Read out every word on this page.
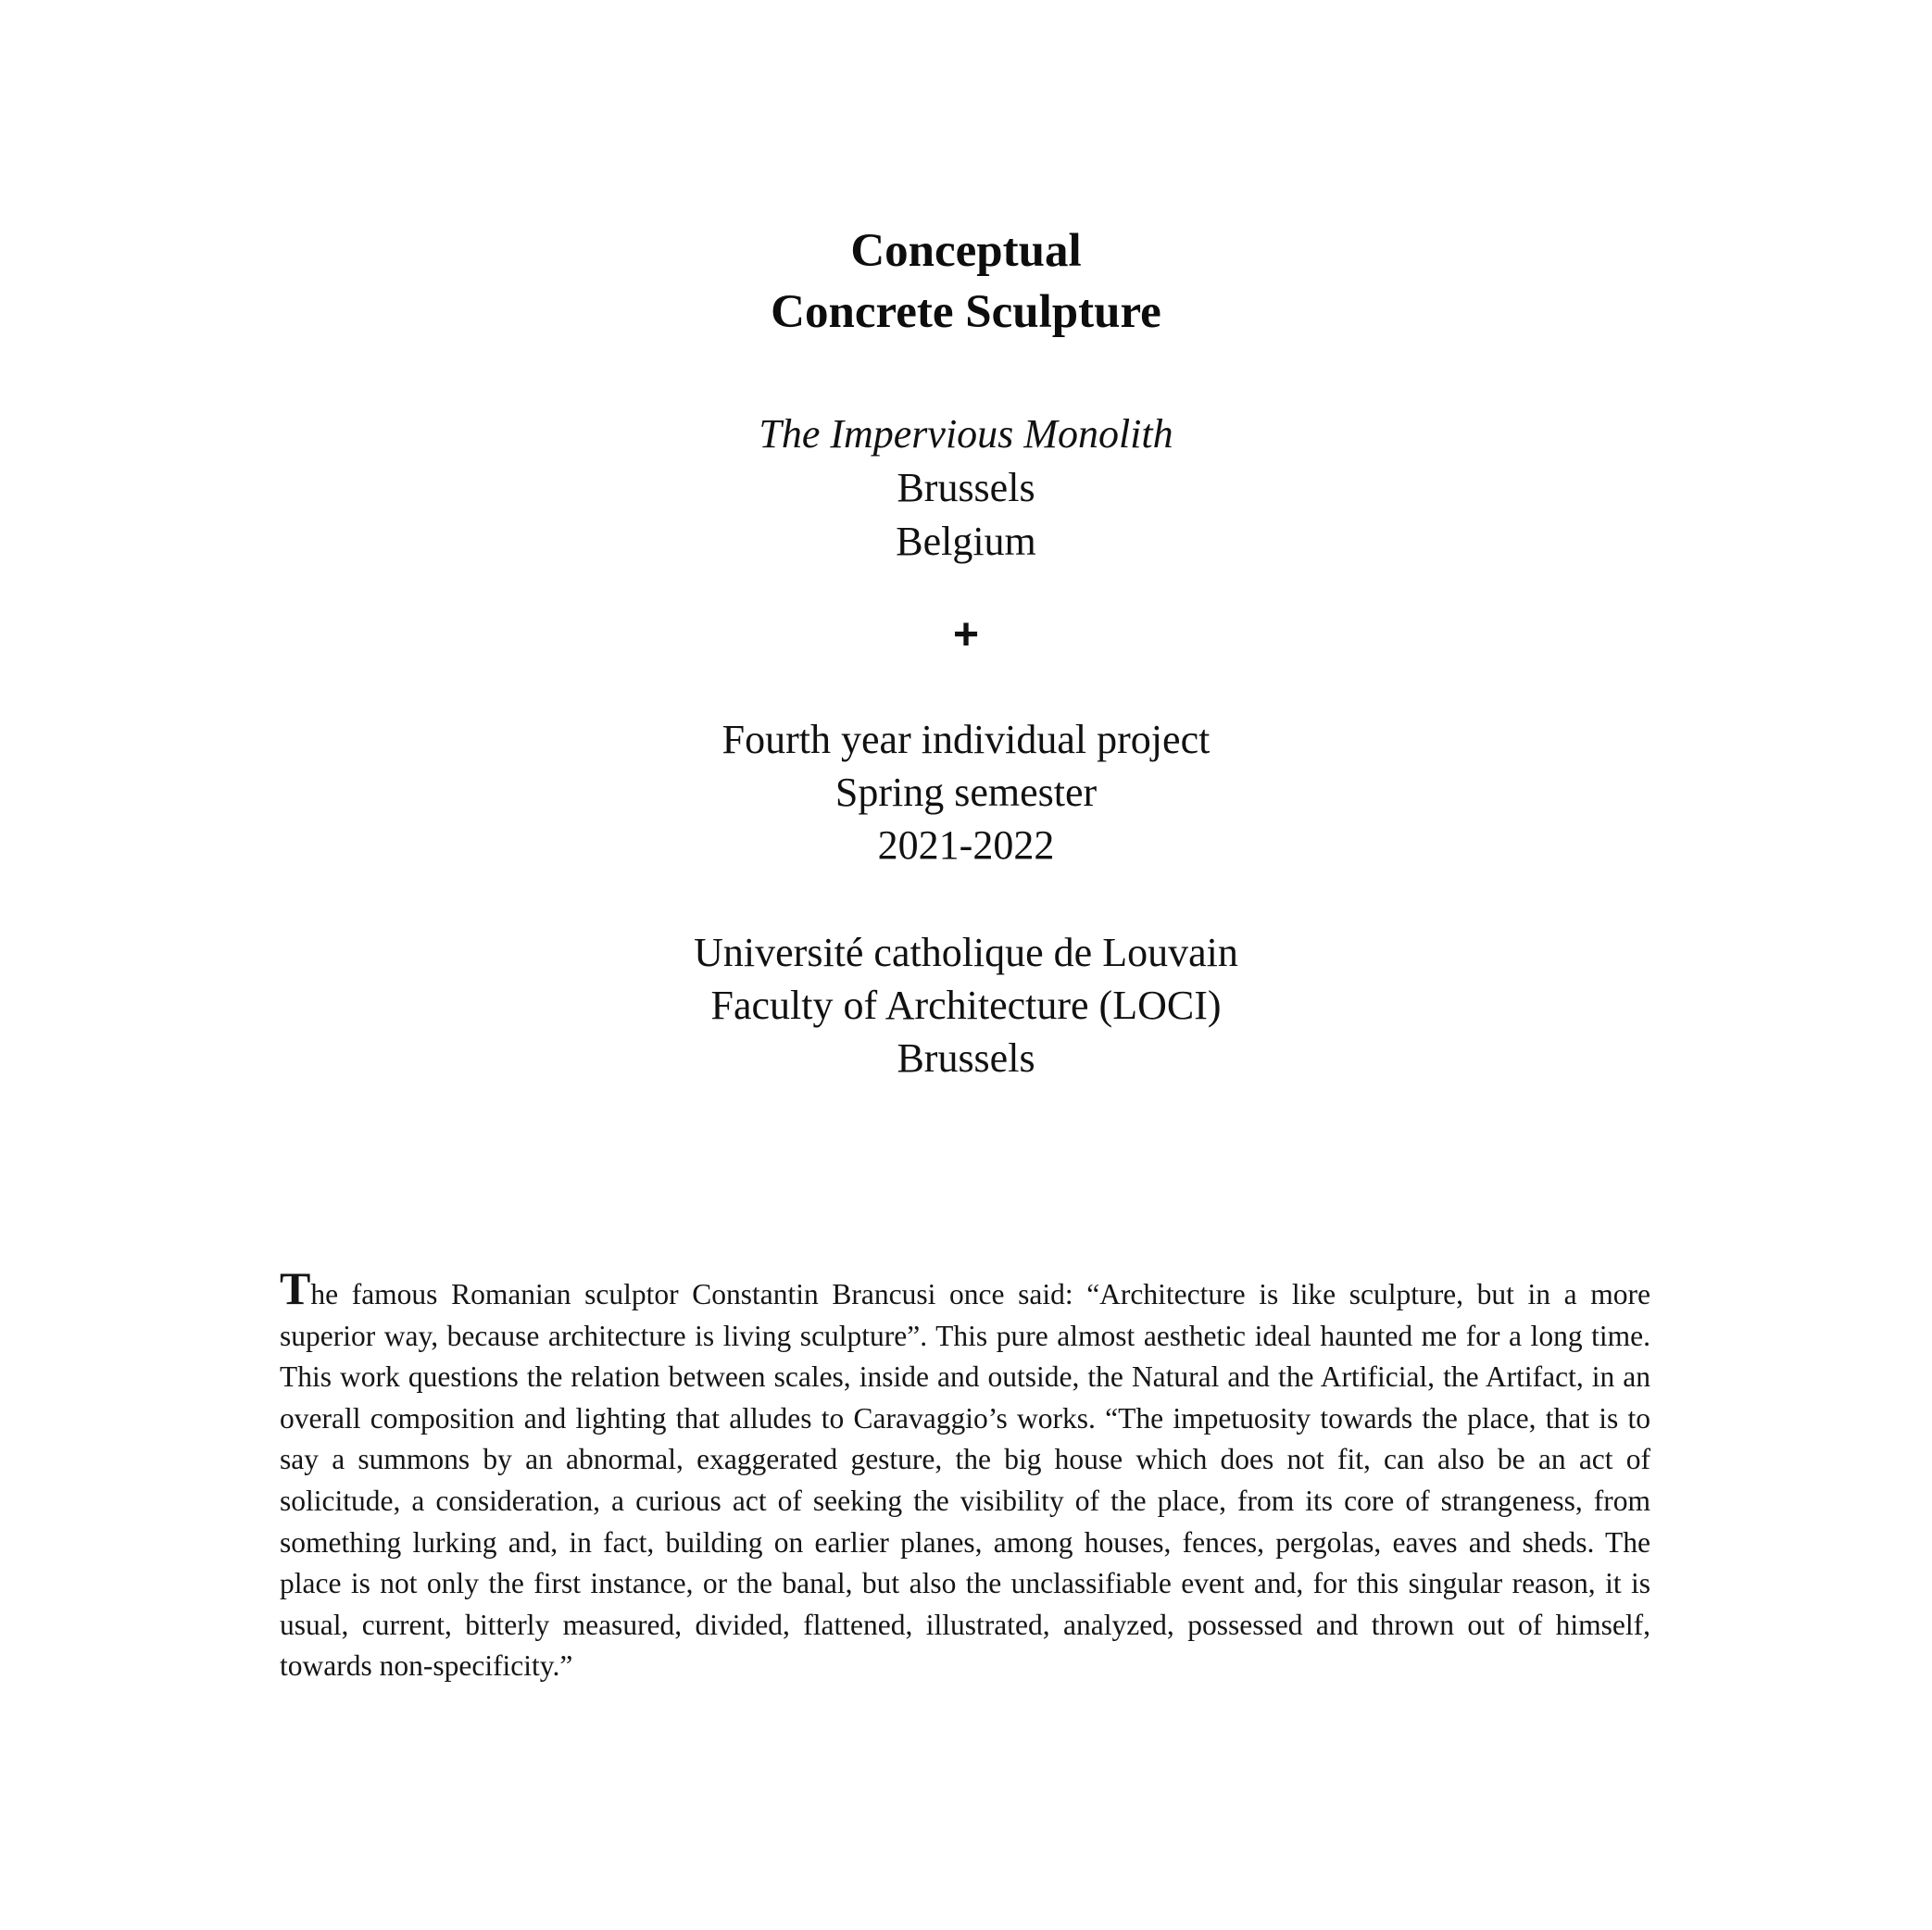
Conceptual
Concrete Sculpture
The Impervious Monolith
Brussels
Belgium
+
Fourth year individual project
Spring semester
2021-2022
Université catholique de Louvain
Faculty of Architecture (LOCI)
Brussels
The famous Romanian sculptor Constantin Brancusi once said: “Architecture is like sculpture, but in a more superior way, because architecture is living sculpture”. This pure almost aesthetic ideal haunted me for a long time. This work questions the relation between scales, inside and outside, the Natural and the Artificial, the Artifact, in an overall composition and lighting that alludes to Caravaggio’s works. “The impetuosity towards the place, that is to say a summons by an abnormal, exaggerated gesture, the big house which does not fit, can also be an act of solicitude, a consideration, a curious act of seeking the visibility of the place, from its core of strangeness, from something lurking and, in fact, building on earlier planes, among houses, fences, pergolas, eaves and sheds. The place is not only the first instance, or the banal, but also the unclassifiable event and, for this singular reason, it is usual, current, bitterly measured, divided, flattened, illustrated, analyzed, possessed and thrown out of himself, towards non-specificity.”
